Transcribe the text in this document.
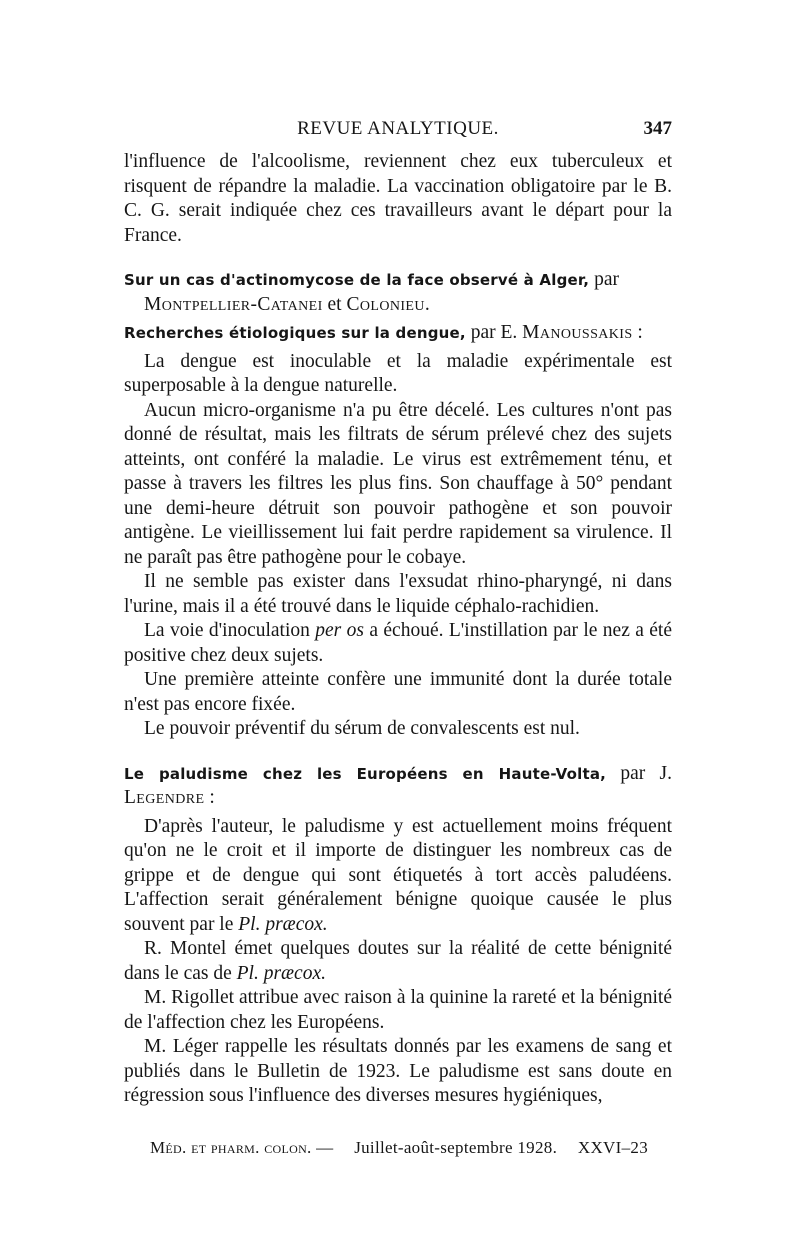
REVUE ANALYTIQUE.	347

l'influence de l'alcoolisme, reviennent chez eux tuberculeux et risquent de répandre la maladie. La vaccination obligatoire par le B. C. G. serait indiquée chez ces travailleurs avant le départ pour la France.

Sur un cas d'actinomycose de la face observé à Alger, par
Montpellier-Catanei et Colonieu.

Recherches étiologiques sur la dengue, par E. Manoussakis :

La dengue est inoculable et la maladie expérimentale est superposable à la dengue naturelle.

Aucun micro-organisme n'a pu être décelé. Les cultures n'ont pas donné de résultat, mais les filtrats de sérum prélevé chez des sujets atteints, ont conféré la maladie. Le virus est extrêmement ténu, et passe à travers les filtres les plus fins. Son chauffage à 50° pendant une demi-heure détruit son pouvoir pathogène et son pouvoir antigène. Le vieillissement lui fait perdre rapidement sa virulence. Il ne paraît pas être pathogène pour le cobaye.

Il ne semble pas exister dans l'exsudat rhino-pharyngé, ni dans l'urine, mais il a été trouvé dans le liquide céphalo-rachidien.

La voie d'inoculation per os a échoué. L'instillation par le nez a été positive chez deux sujets.

Une première atteinte confère une immunité dont la durée totale n'est pas encore fixée.

Le pouvoir préventif du sérum de convalescents est nul.

Le paludisme chez les Européens en Haute-Volta, par J. Legendre :

D'après l'auteur, le paludisme y est actuellement moins fréquent qu'on ne le croit et il importe de distinguer les nombreux cas de grippe et de dengue qui sont étiquetés à tort accès paludéens. L'affection serait généralement bénigne quoique causée le plus souvent par le Pl. præcox.

R. Montel émet quelques doutes sur la réalité de cette bénignité dans le cas de Pl. præcox.

M. Rigollet attribue avec raison à la quinine la rareté et la bénignité de l'affection chez les Européens.

M. Léger rappelle les résultats donnés par les examens de sang et publiés dans le Bulletin de 1923. Le paludisme est sans doute en régression sous l'influence des diverses mesures hygiéniques,

Méd. et pharm. colon. — Juillet-août-septembre 1928. XXVI–23
